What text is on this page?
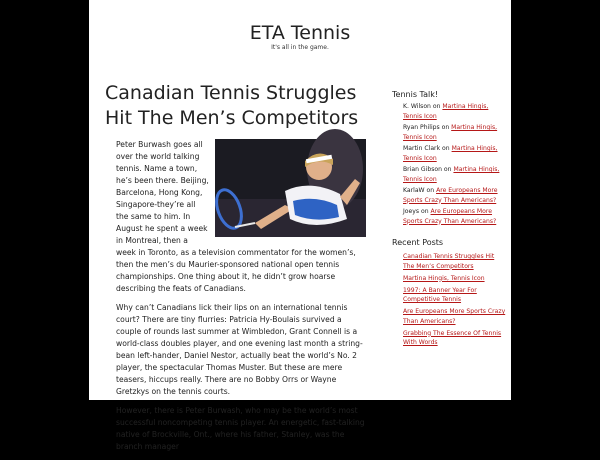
ETA Tennis
It's all in the game.
Canadian Tennis Struggles Hit The Men’s Competitors

Peter Burwash goes all over the world talking tennis. Name a town, he’s been there. Beijing, Barcelona, Hong Kong, Singapore-they’re all the same to him. In August he spent a week in Montreal, then a week in Toronto, as a television commentator for the women’s, then the men’s du Maurier-sponsored national open tennis championships. One thing about it, he didn’t grow hoarse describing the feats of Canadians.

Why can’t Canadians lick their lips on an international tennis court? There are tiny flurries: Patricia Hy-Boulais survived a couple of rounds last summer at Wimbledon, Grant Connell is a world-class doubles player, and one evening last month a string-bean left-hander, Daniel Nestor, actually beat the world’s No. 2 player, the spectacular Thomas Muster. But these are mere teasers, hiccups really. There are no Bobby Orrs or Wayne Gretzkys on the tennis courts.

However, there is Peter Burwash, who may be the world’s most successful noncompeting tennis player. An energetic, fast-talking native of Brockville, Ont., where his father, Stanley, was the branch manager

Tennis Talk!
K. Wilson on Martina Hingis, Tennis Icon
Ryan Philips on Martina Hingis, Tennis Icon
Martin Clark on Martina Hingis, Tennis Icon
Brian Gibson on Martina Hingis, Tennis Icon
KarlaW on Are Europeans More Sports Crazy Than Americans?
Joeys on Are Europeans More Sports Crazy Than Americans?
Recent Posts
Canadian Tennis Struggles Hit The Men’s Competitors
Martina Hingis, Tennis Icon
1997: A Banner Year For Competitive Tennis
Are Europeans More Sports Crazy Than Americans?
Grabbing The Essence Of Tennis With Words
